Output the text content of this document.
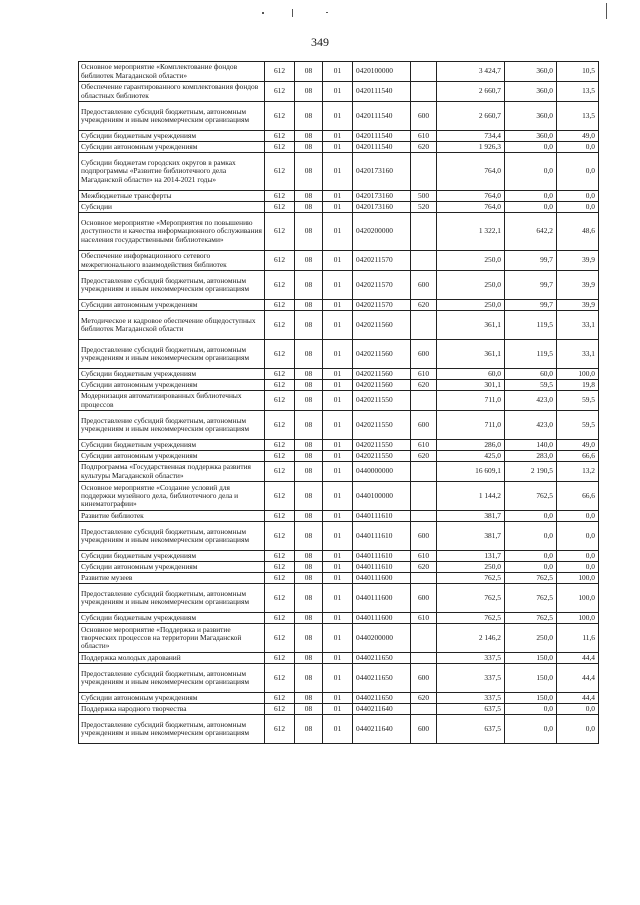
349
Основное мероприятие «Комплектование фондов библиотек Магаданской области»	612	08	01	0420100000		3 424,7	360,0	10,5
Обеспечение гарантированного комплектования фондов областных библиотек	612	08	01	0420111540		2 660,7	360,0	13,5
Предоставление субсидий бюджетным, автономным учреждениям и иным некоммерческим организациям	612	08	01	0420111540	600	2 660,7	360,0	13,5
Субсидии бюджетным учреждениям	612	08	01	0420111540	610	734,4	360,0	49,0
Субсидии автономным учреждениям	612	08	01	0420111540	620	1 926,3	0,0	0,0
Субсидии бюджетам городских округов в рамках подпрограммы «Развитие библиотечного дела Магаданской области» на 2014-2021 годы»	612	08	01	0420173160		764,0	0,0	0,0
Межбюджетные трансферты	612	08	01	0420173160	500	764,0	0,0	0,0
Субсидии	612	08	01	0420173160	520	764,0	0,0	0,0
Основное мероприятие «Мероприятия по повышению доступности и качества информационного обслуживания населения государственными библиотеками»	612	08	01	0420200000		1 322,1	642,2	48,6
Обеспечение информационного сетевого межрегионального взаимодействия библиотек	612	08	01	0420211570		250,0	99,7	39,9
Предоставление субсидий бюджетным, автономным учреждениям и иным некоммерческим организациям	612	08	01	0420211570	600	250,0	99,7	39,9
Субсидии автономным учреждениям	612	08	01	0420211570	620	250,0	99,7	39,9
Методическое и кадровое обеспечение общедоступных библиотек Магаданской области	612	08	01	0420211560		361,1	119,5	33,1
Предоставление субсидий бюджетным, автономным учреждениям и иным некоммерческим организациям	612	08	01	0420211560	600	361,1	119,5	33,1
Субсидии бюджетным учреждениям	612	08	01	0420211560	610	60,0	60,0	100,0
Субсидии автономным учреждениям	612	08	01	0420211560	620	301,1	59,5	19,8
Модернизация автоматизированных библиотечных процессов	612	08	01	0420211550		711,0	423,0	59,5
Предоставление субсидий бюджетным, автономным учреждениям и иным некоммерческим организациям	612	08	01	0420211550	600	711,0	423,0	59,5
Субсидии бюджетным учреждениям	612	08	01	0420211550	610	286,0	140,0	49,0
Субсидии автономным учреждениям	612	08	01	0420211550	620	425,0	283,0	66,6
Подпрограмма «Государственная поддержка развития культуры Магаданской области»	612	08	01	0440000000		16 609,1	2 190,5	13,2
Основное мероприятие «Создание условий для поддержки музейного дела, библиотечного дела и кинематографии»	612	08	01	0440100000		1 144,2	762,5	66,6
Развитие библиотек	612	08	01	0440111610		381,7	0,0	0,0
Предоставление субсидий бюджетным, автономным учреждениям и иным некоммерческим организациям	612	08	01	0440111610	600	381,7	0,0	0,0
Субсидии бюджетным учреждениям	612	08	01	0440111610	610	131,7	0,0	0,0
Субсидии автономным учреждениям	612	08	01	0440111610	620	250,0	0,0	0,0
Развитие музеев	612	08	01	0440111600		762,5	762,5	100,0
Предоставление субсидий бюджетным, автономным учреждениям и иным некоммерческим организациям	612	08	01	0440111600	600	762,5	762,5	100,0
Субсидии бюджетным учреждениям	612	08	01	0440111600	610	762,5	762,5	100,0
Основное мероприятие «Поддержка и развитие творческих процессов на территории Магаданской области»	612	08	01	0440200000		2 146,2	250,0	11,6
Поддержка молодых дарований	612	08	01	0440211650		337,5	150,0	44,4
Предоставление субсидий бюджетным, автономным учреждениям и иным некоммерческим организациям	612	08	01	0440211650	600	337,5	150,0	44,4
Субсидии автономным учреждениям	612	08	01	0440211650	620	337,5	150,0	44,4
Поддержка народного творчества	612	08	01	0440211640		637,5	0,0	0,0
Предоставление субсидий бюджетным, автономным учреждениям и иным некоммерческим организациям	612	08	01	0440211640	600	637,5	0,0	0,0
